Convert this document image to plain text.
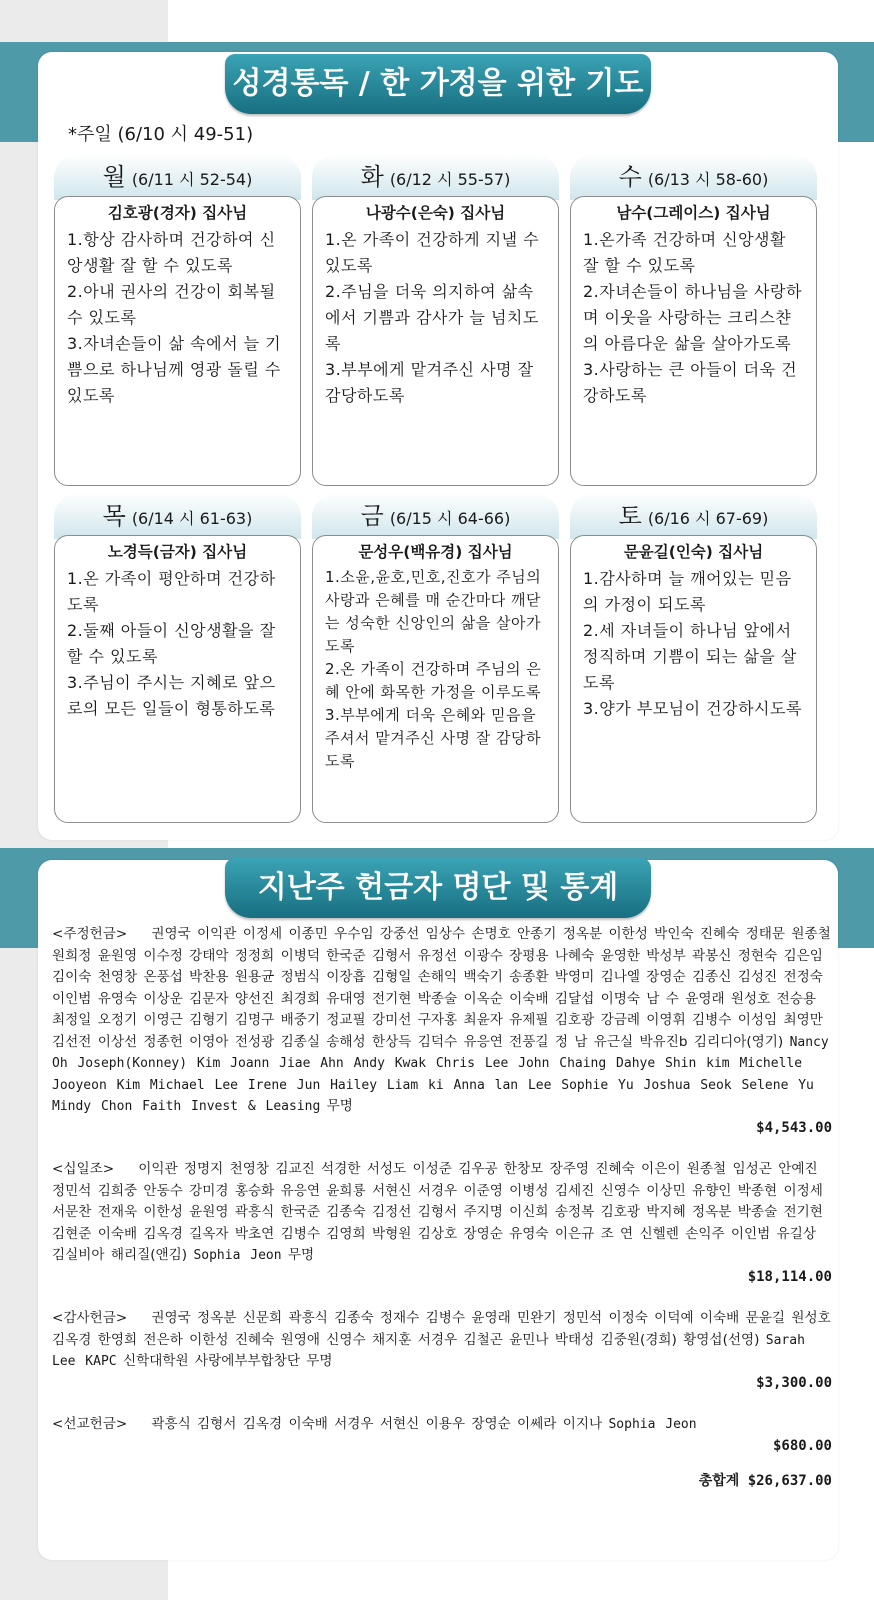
성경통독 / 한 가정을 위한 기도
*주일 (6/10 시 49-51)
월 (6/11 시 52-54)
김호광(경자) 집사님
1.항상 감사하며 건강하여 신앙생활 잘 할 수 있도록
2.아내 권사의 건강이 회복될 수 있도록
3.자녀손들이 삶 속에서 늘 기쁨으로 하나님께 영광 돌릴 수 있도록
화 (6/12 시 55-57)
나광수(은숙) 집사님
1.온 가족이 건강하게 지낼 수 있도록
2.주님을 더욱 의지하여 삶속에서 기쁨과 감사가 늘 넘치도록
3.부부에게 맡겨주신 사명 잘 감당하도록
수 (6/13 시 58-60)
남수(그레이스) 집사님
1.온가족 건강하며 신앙생활 잘 할 수 있도록
2.자녀손들이 하나님을 사랑하며 이웃을 사랑하는 크리스챤의 아름다운 삶을 살아가도록
3.사랑하는 큰 아들이 더욱 건강하도록
목 (6/14 시 61-63)
노경득(금자) 집사님
1.온 가족이 평안하며 건강하도록
2.둘째 아들이 신앙생활을 잘 할 수 있도록
3.주님이 주시는 지혜로 앞으로의 모든 일들이 형통하도록
금 (6/15 시 64-66)
문성우(백유경) 집사님
1.소윤,윤호,민호,진호가 주님의 사랑과 은혜를 매 순간마다 깨닫는 성숙한 신앙인의 삶을 살아가도록
2.온 가족이 건강하며 주님의 은혜 안에 화목한 가정을 이루도록
3.부부에게 더욱 은혜와 믿음을 주셔서 맡겨주신 사명 잘 감당하도록
토 (6/16 시 67-69)
문윤길(인숙) 집사님
1.감사하며 늘 깨어있는 믿음의 가정이 되도록
2.세 자녀들이 하나님 앞에서 정직하며 기쁨이 되는 삶을 살도록
3.양가 부모님이 건강하시도록
지난주 헌금자 명단 및 통계
<주정헌금> 권영국 이익관 이정세 이종민 우수임 강중선 임상수 손명호 안종기 정옥분 이한성 박인숙 진혜숙 정태문 원종철 원희정 윤원영 이수정 강태악 정정희 이병덕 한국준 김형서 유정선 이광수 장평용 나혜숙 윤영한 박성부 곽봉신 정현숙 김은임 김이숙 천영창 온풍섭 박찬용 원용균 정범식 이장흡 김형일 손해익 백숙기 송종환 박영미 김나엘 장영순 김종신 김성진 전정숙 이인범 유영숙 이상운 김문자 양선진 최경희 유대영 전기현 박종술 이옥순 이숙배 김달섭 이명숙 남 수 윤영래 원성호 전승용 최정일 오정기 이영근 김형기 김명구 배중기 정교필 강미선 구자홍 최윤자 유제필 김호광 강금례 이영휘 김병수 이성임 최영만 김선전 이상선 정종헌 이영아 전성광 김종실 송해성 한상득 김덕수 유응연 전풍길 정 남 유근실 박유진b 김리디아(영기) Nancy Oh Joseph(Konney) Kim Joann Jiae Ahn Andy Kwak Chris Lee John Chaing Dahye Shin kim Michelle Jooyeon Kim Michael Lee Irene Jun Hailey Liam ki Anna lan Lee Sophie Yu Joshua Seok Selene Yu Mindy Chon Faith Invest & Leasing 무명
$4,543.00
<십일조> 이익관 정명지 천영창 김교진 석경한 서성도 이성준 김우공 한창모 장주영 진혜숙 이은이 원종철 임성곤 안예진 정민석 김희중 안동수 강미경 홍승화 유응연 윤희룡 서현신 서경우 이준영 이병성 김세진 신영수 이상민 유향인 박종현 이정세 서문찬 전재욱 이한성 윤원영 곽흥식 한국준 김종숙 김정선 김형서 주지명 이신희 송정복 김호광 박지혜 정옥분 박종술 전기현 김현준 이숙배 김옥경 길옥자 박초연 김병수 김영희 박형원 김상호 장영순 유영숙 이은규 조 연 신헬렌 손익주 이인범 유길상 김실비아 해리질(앤김) Sophia Jeon 무명
$18,114.00
<감사헌금> 권영국 정옥분 신문희 곽흥식 김종숙 정재수 김병수 윤영래 민완기 정민석 이정숙 이덕예 이숙배 문윤길 원성호 김옥경 한영희 전은하 이한성 진혜숙 원영애 신영수 채지훈 서경우 김철곤 윤민나 박태성 김중원(경희) 황영섭(선영) Sarah Lee KAPC 신학대학원 사랑에부부합창단 무명
$3,300.00
<선교헌금> 곽흥식 김형서 김옥경 이숙배 서경우 서현신 이용우 장영순 이쎄라 이지나 Sophia Jeon
$680.00
총합계 $26,637.00
